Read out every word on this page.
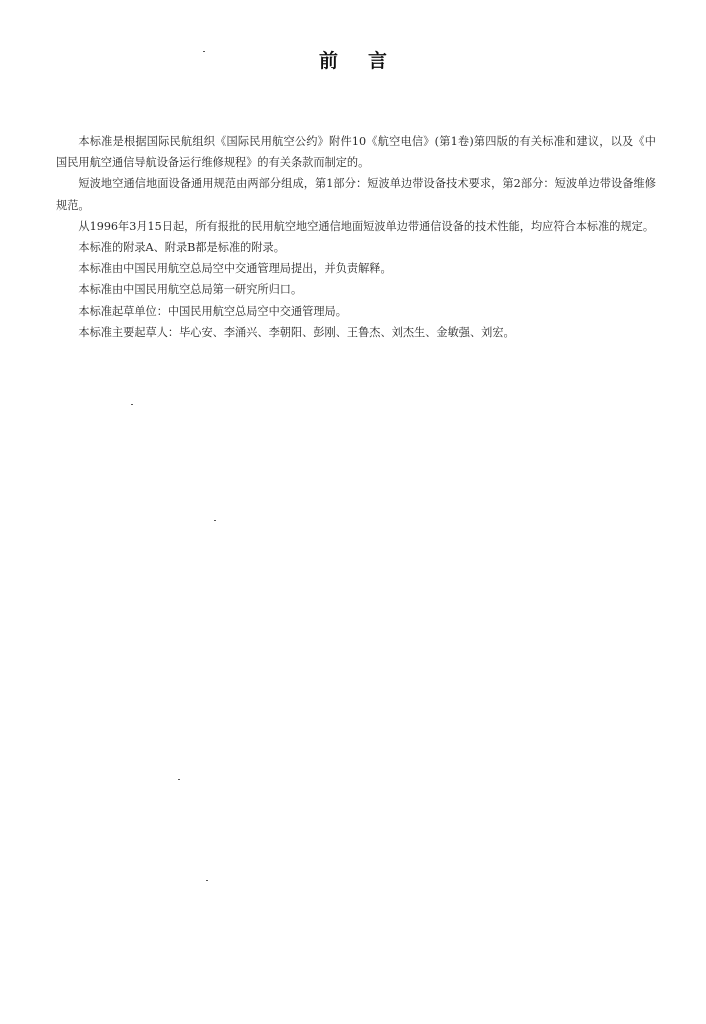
前 言

本标准是根据国际民航组织《国际民用航空公约》附件10《航空电信》(第1卷)第四版的有关标准和建议，以及《中国民用航空通信导航设备运行维修规程》的有关条款而制定的。

短波地空通信地面设备通用规范由两部分组成，第1部分：短波单边带设备技术要求，第2部分：短波单边带设备维修规范。

从1996年3月15日起，所有报批的民用航空地空通信地面短波单边带通信设备的技术性能，均应符合本标准的规定。

本标准的附录A、附录B都是标准的附录。

本标准由中国民用航空总局空中交通管理局提出，并负责解释。

本标准由中国民用航空总局第一研究所归口。

本标准起草单位：中国民用航空总局空中交通管理局。

本标准主要起草人：毕心安、李涌兴、李朝阳、彭刚、王鲁杰、刘杰生、金敏强、刘宏。
